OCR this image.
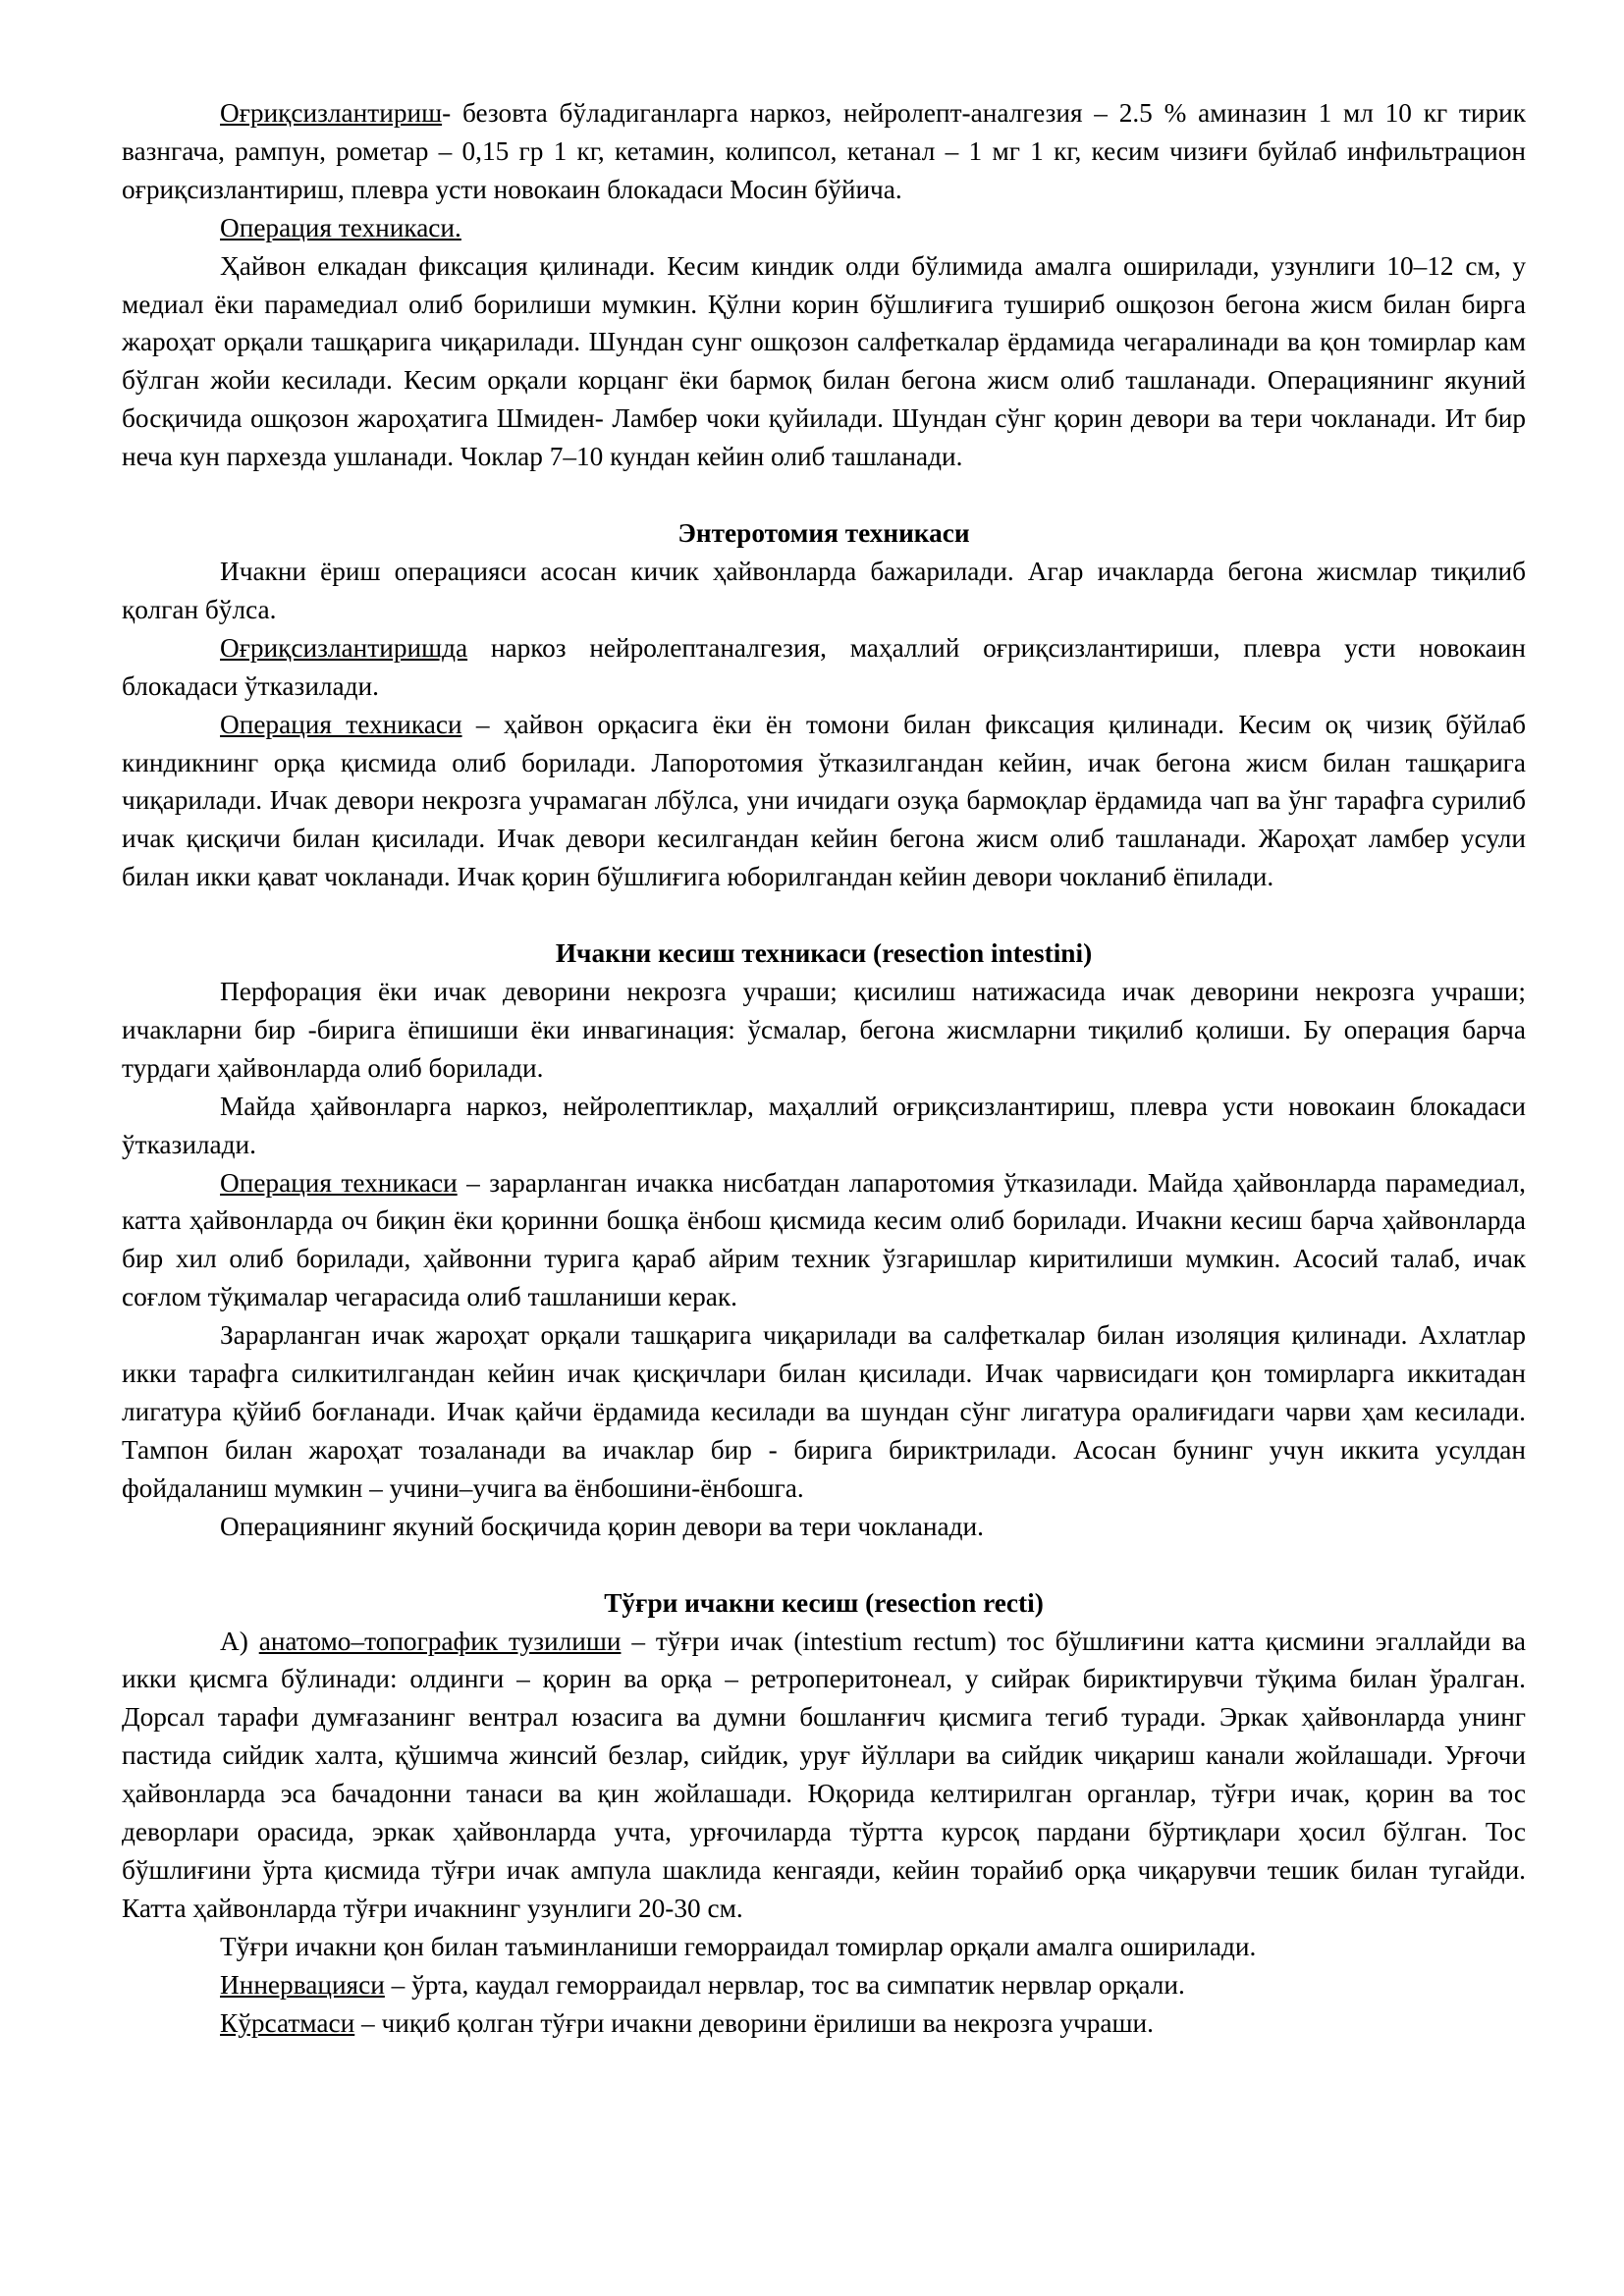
Оғриқсизлантириш- безовта бўладиганларга наркоз, нейролепт-аналгезия – 2.5 % аминазин 1 мл 10 кг тирик вазнгача, рампун, рометар – 0,15 гр 1 кг, кетамин, колипсол, кетанал – 1 мг 1 кг, кесим чизиғи буйлаб инфильтрацион оғриқсизлантириш, плевра усти новокаин блокадаси Мосин бўйича.

Операция техникаси.

Ҳайвон елкадан фиксация қилинади. Кесим киндик олди бўлимида амалга оширилади, узунлиги 10–12 см, у медиал ёки парамедиал олиб борилиши мумкин. Қўлни корин бўшлиғига тушириб ошқозон бегона жисм билан бирга жароҳат орқали ташқарига чиқарилади. Шундан сунг ошқозон салфеткалар ёрдамида чегаралинади ва қон томирлар кам бўлган жойи кесилади. Кесим орқали корцанг ёки бармоқ билан бегона жисм олиб ташланади. Операциянинг якуний босқичида ошқозон жароҳатига Шмиден- Ламбер чоки қуйилади. Шундан сўнг қорин девори ва тери чокланади. Ит бир неча кун пархезда ушланади. Чоклар 7–10 кундан кейин олиб ташланади.

Энтеротомия техникаси

Ичакни ёриш операцияси асосан кичик ҳайвонларда бажарилади. Агар ичакларда бегона жисмлар тиқилиб қолган бўлса.

Оғриқсизлантиришда наркоз нейролептаналгезия, маҳаллий оғриқсизлантириши, плевра усти новокаин блокадаси ўтказилади.

Операция техникаси – ҳайвон орқасига ёки ён томони билан фиксация қилинади. Кесим оқ чизиқ бўйлаб киндикнинг орқа қисмида олиб борилади. Лапоротомия ўтказилгандан кейин, ичак бегона жисм билан ташқарига чиқарилади. Ичак девори некрозга учрамаган лбўлса, уни ичидаги озуқа бармоқлар ёрдамида чап ва ўнг тарафга сурилиб ичак қисқичи билан қисилади. Ичак девори кесилгандан кейин бегона жисм олиб ташланади. Жароҳат ламбер усули билан икки қават чокланади. Ичак қорин бўшлиғига юборилгандан кейин девори чокланиб ёпилади.

Ичакни кесиш техникаси (resection intestini)

Перфорация ёки ичак деворини некрозга учраши; қисилиш натижасида ичак деворини некрозга учраши; ичакларни бир -бирига ёпишиши ёки инвагинация: ўсмалар, бегона жисмларни тиқилиб қолиши. Бу операция барча турдаги ҳайвонларда олиб борилади.

Майда ҳайвонларга наркоз, нейролептиклар, маҳаллий оғриқсизлантириш, плевра усти новокаин блокадаси ўтказилади.

Операция техникаси – зарарланган ичакка нисбатдан лапаротомия ўтказилади. Майда ҳайвонларда парамедиал, катта ҳайвонларда оч биқин ёки қоринни бошқа ёнбош қисмида кесим олиб борилади. Ичакни кесиш барча ҳайвонларда бир хил олиб борилади, ҳайвонни турига қараб айрим техник ўзгаришлар киритилиши мумкин. Асосий талаб, ичак соғлом тўқималар чегарасида олиб ташланиши керак.

Зарарланган ичак жароҳат орқали ташқарига чиқарилади ва салфеткалар билан изоляция қилинади. Ахлатлар икки тарафга силкитилгандан кейин ичак қисқичлари билан қисилади. Ичак чарвисидаги қон томирларга иккитадан лигатура қўйиб боғланади. Ичак қайчи ёрдамида кесилади ва шундан сўнг лигатура оралиғидаги чарви ҳам кесилади. Тампон билан жароҳат тозаланади ва ичаклар бир - бирига бириктрилади. Асосан бунинг учун иккита усулдан фойдаланиш мумкин – учини–учига ва ёнбошини-ёнбошга.

Операциянинг якуний босқичида қорин девори ва тери чокланади.

Тўғри ичакни кесиш (resection recti)

А) анатомо–топографик тузилиши – тўғри ичак (intestium rectum) тос бўшлиғини катта қисмини эгаллайди ва икки қисмга бўлинади: олдинги – қорин ва орқа – ретроперитонеал, у сийрак бириктирувчи тўқима билан ўралган. Дорсал тарафи думғазанинг вентрал юзасига ва думни бошланғич қисмига тегиб туради. Эркак ҳайвонларда унинг пастида сийдик халта, қўшимча жинсий безлар, сийдик, уруғ йўллари ва сийдик чиқариш канали жойлашади. Урғочи ҳайвонларда эса бачадонни танаси ва қин жойлашади. Юқорида келтирилган органлар, тўғри ичак, қорин ва тос деворлари орасида, эркак ҳайвонларда учта, урғочиларда тўртта курсоқ пардани бўртиқлари ҳосил бўлган. Тос бўшлиғини ўрта қисмида тўғри ичак ампула шаклида кенгаяди, кейин торайиб орқа чиқарувчи тешик билан тугайди. Катта ҳайвонларда тўғри ичакнинг узунлиги 20-30 см.

Тўғри ичакни қон билан таъминланиши геморраидал томирлар орқали амалга оширилади.

Иннервацияси – ўрта, каудал геморраидал нервлар, тос ва симпатик нервлар орқали.

Кўрсатмаси – чиқиб қолган тўғри ичакни деворини ёрилиши ва некрозга учраши.
